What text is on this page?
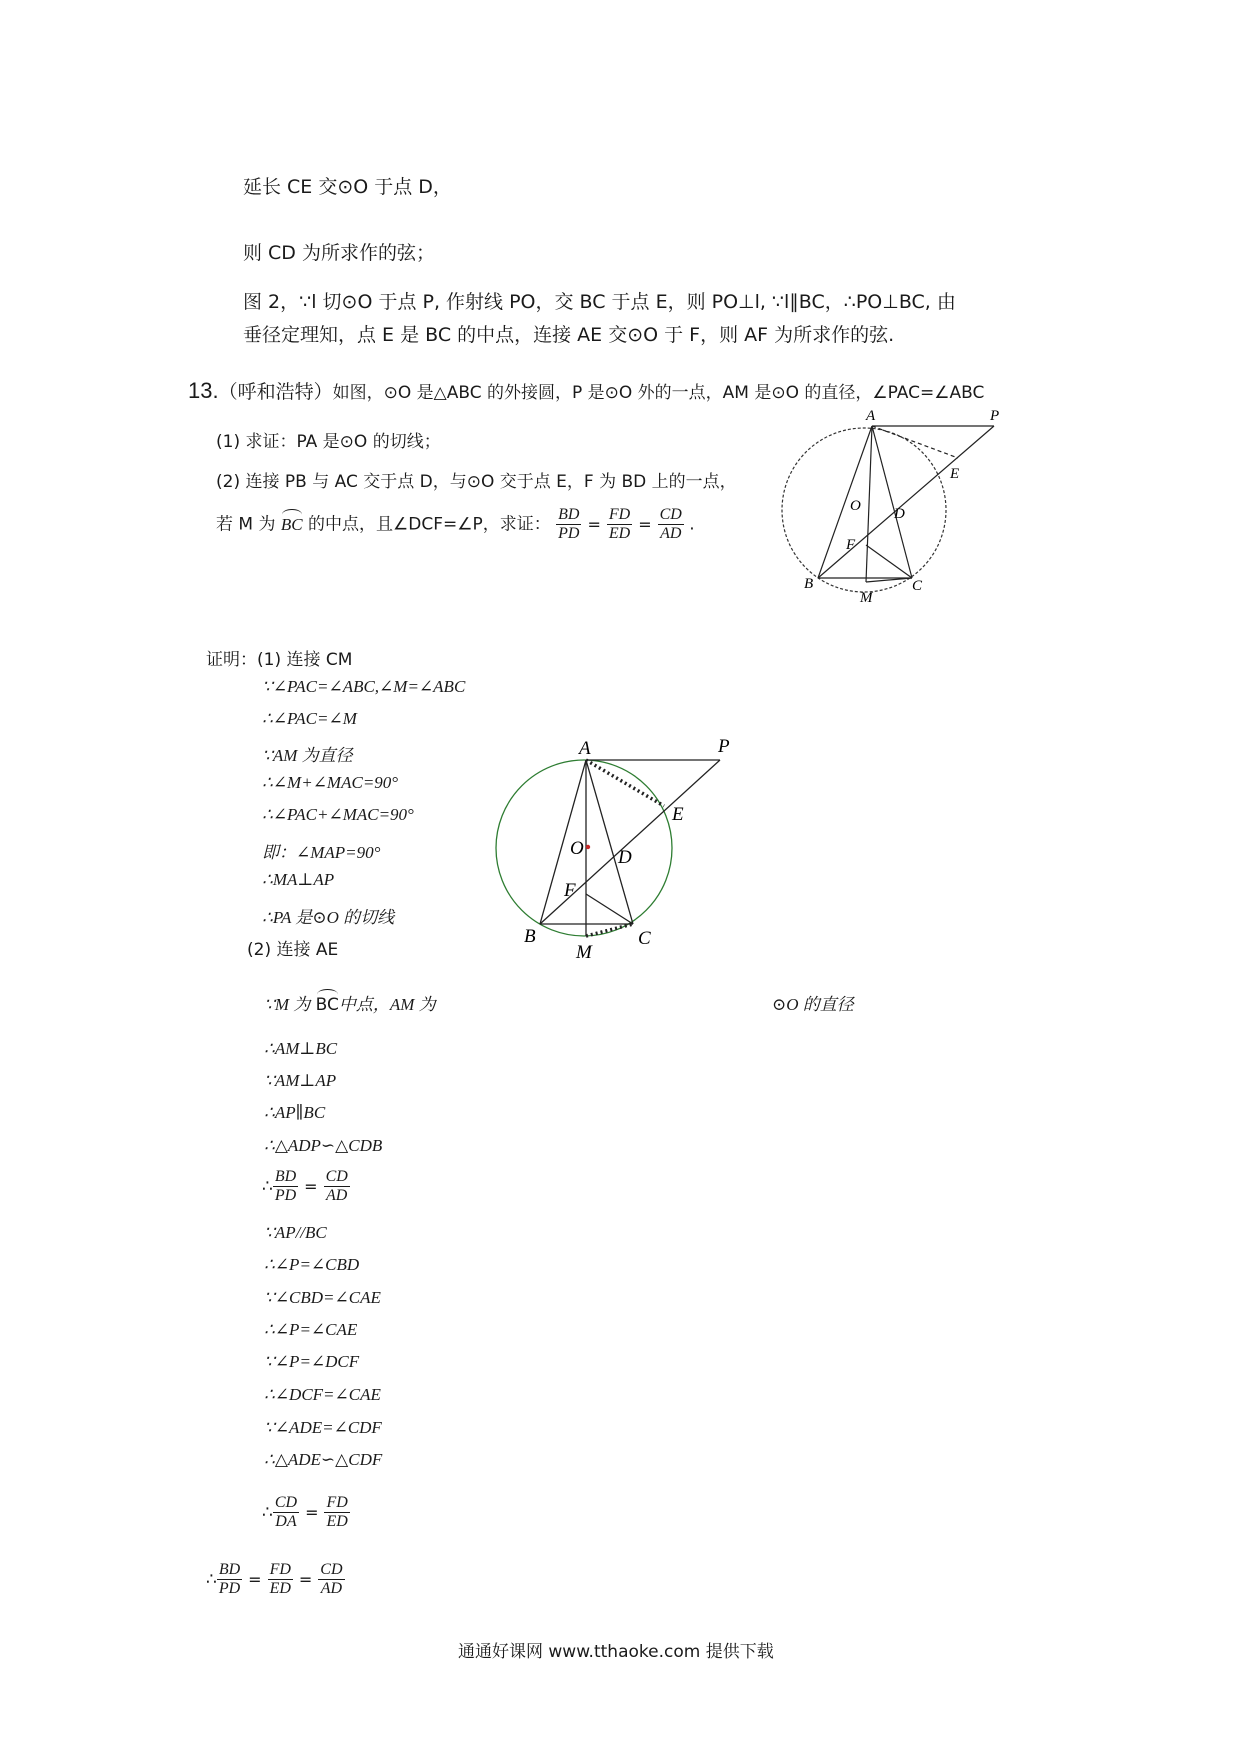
延长 CE 交⊙O 于点 D，
则 CD 为所求作的弦；
图 2，∵l 切⊙O 于点 P, 作射线 PO，交 BC 于点 E，则 PO⊥l, ∵l∥BC，∴PO⊥BC, 由
垂径定理知，点 E 是 BC 的中点，连接 AE 交⊙O 于 F，则 AF 为所求作的弦.
13.（呼和浩特）如图，⊙O 是△ABC 的外接圆，P 是⊙O 外的一点，AM 是⊙O 的直径，∠PAC=∠ABC
(1) 求证：PA 是⊙O 的切线；
(2) 连接 PB 与 AC 交于点 D，与⊙O 交于点 E，F 为 BD 上的一点，
若 M 为 BC 的中点，且∠DCF=∠P，求证： $\frac{BD}{PD} = \frac{FD}{ED} = \frac{CD}{AD}$ .
A	P
E
O D
F
B	C
M
证明：(1) 连接 CM
∵∠PAC=∠ABC,∠M=∠ABC
∴∠PAC=∠M
∵AM 为直径
∴∠M+∠MAC=90°
∴∠PAC+∠MAC=90°
即：∠MAP=90°
∴MA⊥AP
∴PA 是⊙O 的切线
(2) 连接 AE
A	P
E
O D
F
B	C
M
∵M 为 BC中点，AM 为	⊙O 的直径
∴AM⊥BC
∵AM⊥AP
∴AP∥BC
∴△ADP∽△CDB
∴ $\frac{BD}{PD} = \frac{CD}{AD}$
∵AP//BC
∴∠P=∠CBD
∵∠CBD=∠CAE
∴∠P=∠CAE
∵∠P=∠DCF
∴∠DCF=∠CAE
∵∠ADE=∠CDF
∴△ADE∽△CDF
∴ $\frac{CD}{DA} = \frac{FD}{ED}$
∴ $\frac{BD}{PD} = \frac{FD}{ED} = \frac{CD}{AD}$
通通好课网 www.tthaoke.com 提供下载
